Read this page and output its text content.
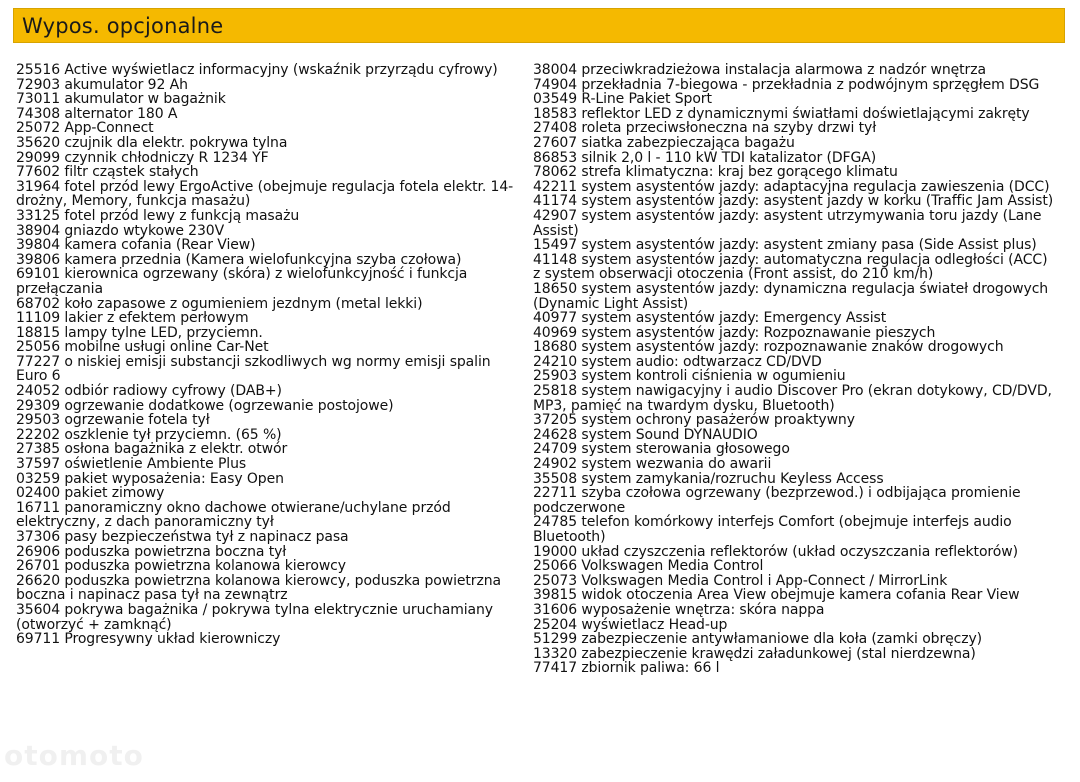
Wypos. opcjonalne
25516 Active wyświetlacz informacyjny (wskaźnik przyrządu cyfrowy)
72903 akumulator 92 Ah
73011 akumulator w bagażnik
74308 alternator 180 A
25072 App-Connect
35620 czujnik dla elektr. pokrywa tylna
29099 czynnik chłodniczy R 1234 YF
77602 filtr cząstek stałych
31964 fotel przód lewy ErgoActive (obejmuje regulacja fotela elektr. 14-drożny, Memory, funkcja masażu)
33125 fotel przód lewy z funkcją masażu
38904 gniazdo wtykowe 230V
39804 kamera cofania (Rear View)
39806 kamera przednia (Kamera wielofunkcyjna szyba czołowa)
69101 kierownica ogrzewany (skóra) z wielofunkcyjność i funkcja przełączania
68702 koło zapasowe z ogumieniem jezdnym (metal lekki)
11109 lakier z efektem perłowym
18815 lampy tylne LED, przyciemn.
25056 mobilne usługi online Car-Net
77227 o niskiej emisji substancji szkodliwych wg normy emisji spalin Euro 6
24052 odbiór radiowy cyfrowy (DAB+)
29309 ogrzewanie dodatkowe (ogrzewanie postojowe)
29503 ogrzewanie fotela tył
22202 oszklenie tył przyciemn. (65 %)
27385 osłona bagażnika z elektr. otwór
37597 oświetlenie Ambiente Plus
03259 pakiet wyposażenia: Easy Open
02400 pakiet zimowy
16711 panoramiczny okno dachowe otwierane/uchylane przód elektryczny, z dach panoramiczny tył
37306 pasy bezpieczeństwa tył z napinacz pasa
26906 poduszka powietrzna boczna tył
26701 poduszka powietrzna kolanowa kierowcy
26620 poduszka powietrzna kolanowa kierowcy, poduszka powietrzna boczna i napinacz pasa tył na zewnątrz
35604 pokrywa bagażnika / pokrywa tylna elektrycznie uruchamiany (otworzyć + zamknąć)
69711 Progresywny układ kierowniczy
38004 przeciwkradzieżowa instalacja alarmowa z nadzór wnętrza
74904 przekładnia 7-biegowa - przekładnia z podwójnym sprzęgłem DSG
03549 R-Line Pakiet Sport
18583 reflektor LED z dynamicznymi światłami doświetlającymi zakręty
27408 roleta przeciwsłoneczna na szyby drzwi tył
27607 siatka zabezpieczająca bagażu
86853 silnik 2,0 l - 110 kW TDI katalizator (DFGA)
78062 strefa klimatyczna: kraj bez gorącego klimatu
42211 system asystentów jazdy: adaptacyjna regulacja zawieszenia (DCC)
41174 system asystentów jazdy: asystent jazdy w korku (Traffic Jam Assist)
42907 system asystentów jazdy: asystent utrzymywania toru jazdy (Lane Assist)
15497 system asystentów jazdy: asystent zmiany pasa (Side Assist plus)
41148 system asystentów jazdy: automatyczna regulacja odległości (ACC) z system obserwacji otoczenia (Front assist, do 210 km/h)
18650 system asystentów jazdy: dynamiczna regulacja świateł drogowych (Dynamic Light Assist)
40977 system asystentów jazdy: Emergency Assist
40969 system asystentów jazdy: Rozpoznawanie pieszych
18680 system asystentów jazdy: rozpoznawanie znaków drogowych
24210 system audio: odtwarzacz CD/DVD
25903 system kontroli ciśnienia w ogumieniu
25818 system nawigacyjny i audio Discover Pro (ekran dotykowy, CD/DVD, MP3, pamięć na twardym dysku, Bluetooth)
37205 system ochrony pasażerów proaktywny
24628 system Sound DYNAUDIO
24709 system sterowania głosowego
24902 system wezwania do awarii
35508 system zamykania/rozruchu Keyless Access
22711 szyba czołowa ogrzewany (bezprzewod.) i odbijająca promienie podczerwone
24785 telefon komórkowy interfejs Comfort (obejmuje interfejs audio Bluetooth)
19000 układ czyszczenia reflektorów (układ oczyszczania reflektorów)
25066 Volkswagen Media Control
25073 Volkswagen Media Control i App-Connect / MirrorLink
39815 widok otoczenia Area View obejmuje kamera cofania Rear View
31606 wyposażenie wnętrza: skóra nappa
25204 wyświetlacz Head-up
51299 zabezpieczenie antywłamaniowe dla koła (zamki obręczy)
13320 zabezpieczenie krawędzi załadunkowej (stal nierdzewna)
77417 zbiornik paliwa: 66 l
otomoto
